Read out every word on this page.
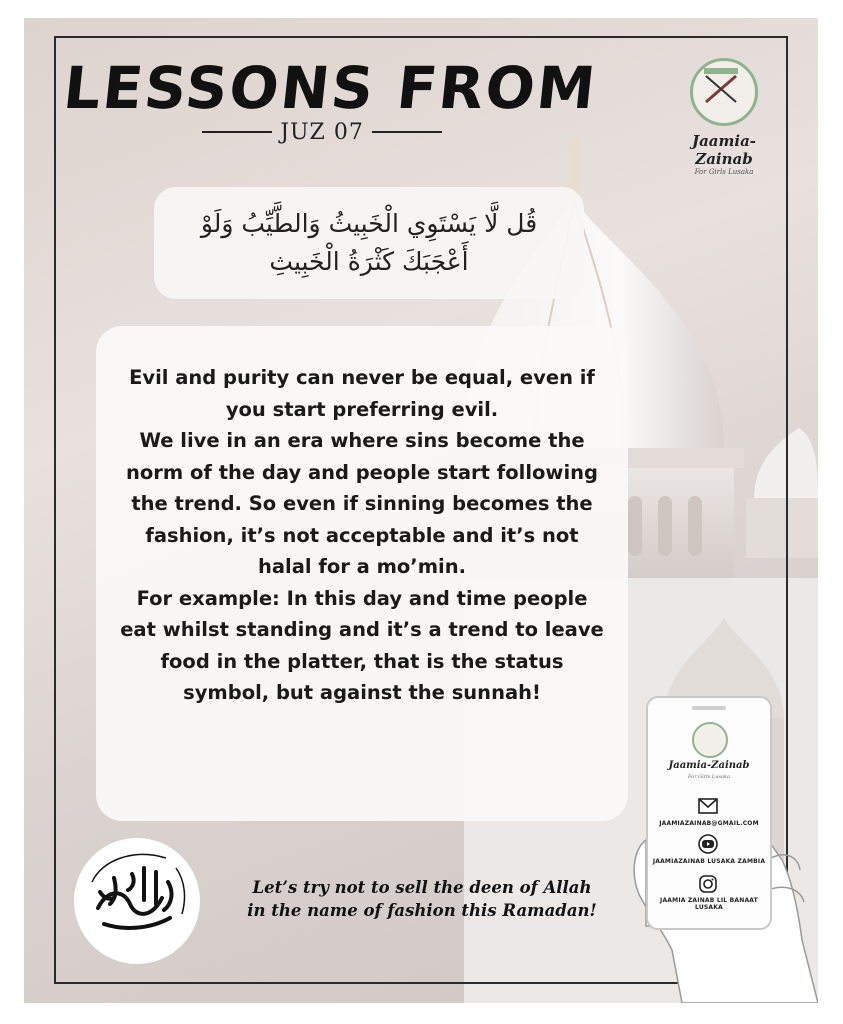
LESSONS FROM
JUZ 07	Jaamia-Zainab
For Girls Lusaka
قُل لَّا يَسْتَوِي الْخَبِيثُ وَالطَّيِّبُ وَلَوْ أَعْجَبَكَ كَثْرَةُ الْخَبِيثِ

Evil and purity can never be equal, even if you start preferring evil.

We live in an era where sins become the norm of the day and people start following the trend. So even if sinning becomes the fashion, it’s not acceptable and it’s not halal for a mo’min.

For example: In this day and time people eat whilst standing and it’s a trend to leave food in the platter, that is the status symbol, but against the sunnah!

Let’s try not to sell the deen of Allah in the name of fashion this Ramadan!
Jaamia-Zainab
For Girls Lusaka
JAAMIAZAINAB@GMAIL.COM
JAAMIAZAINAB LUSAKA ZAMBIA
JAAMIA ZAINAB LIL BANAAT LUSAKA
